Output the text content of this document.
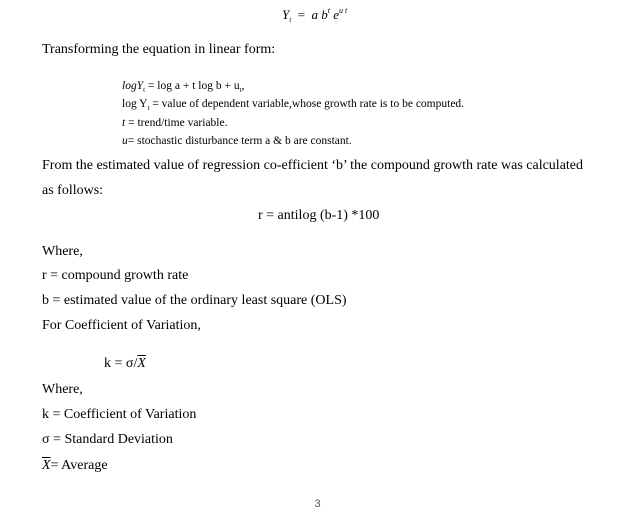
$Y_t = a$ $b^t$ $e^{u t}$
Transforming the equation in linear form:
logY$_t$ = log a + t $\log b + u_t$,
$\log Y_t$ = value of dependent variable,whose growth rate is to be computed.
t = trend/time variable.
u= stochastic disturbance term a & b are constant.
From the estimated value of regression co-efficient ‘b’ the compound growth rate was calculated
as follows:
r = antilog (b-1) *100
Where,
r = compound growth rate
b = estimated value of the ordinary least square (OLS)
For Coefficient of Variation,
$k = \sigma/\overline{X}$
Where,
k = Coefficient of Variation
σ = Standard Deviation
$\overline{X}=$ Average
3
